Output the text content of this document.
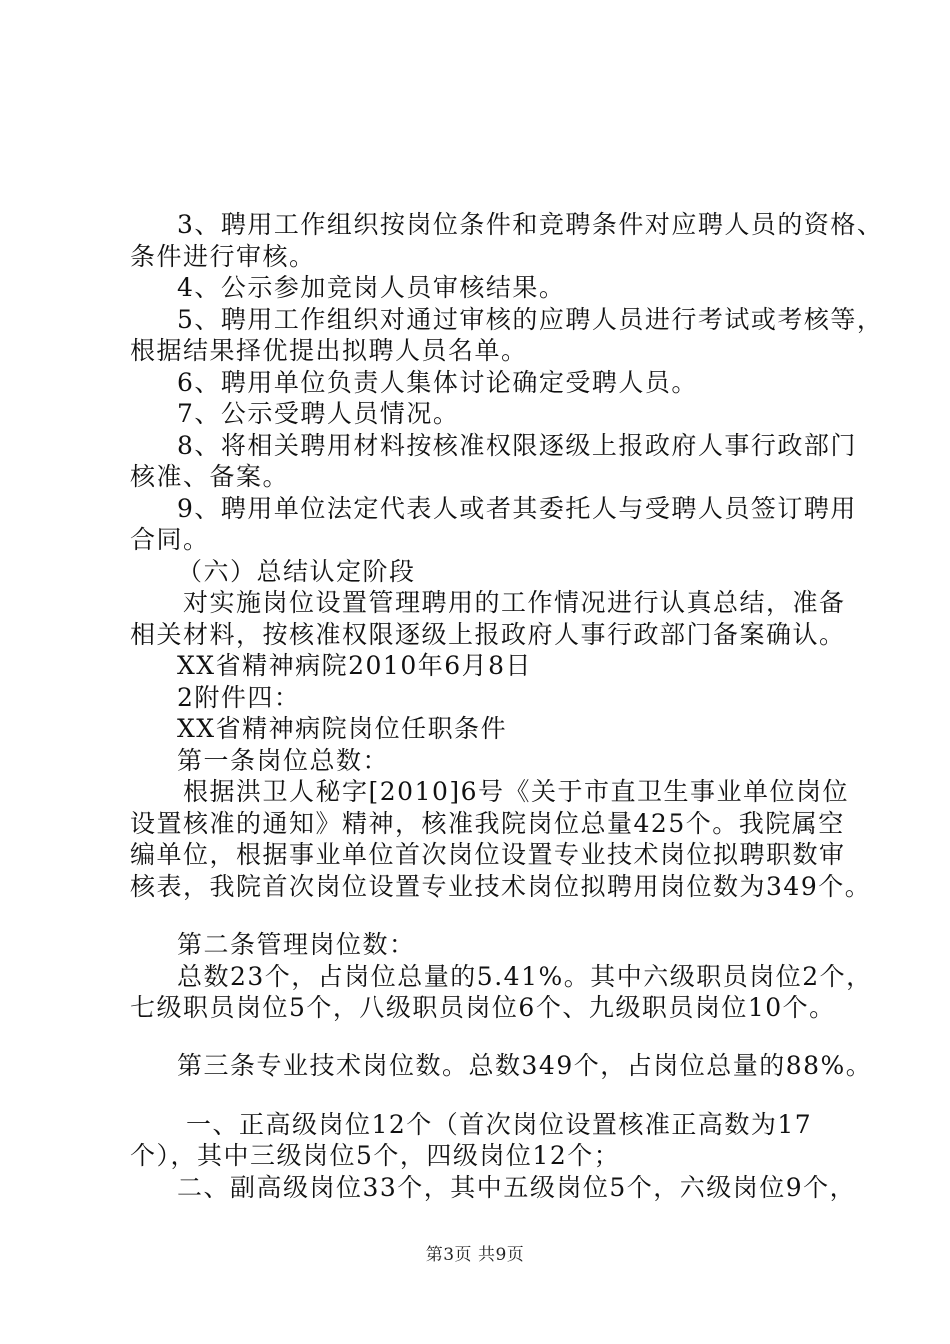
3、聘用工作组织按岗位条件和竞聘条件对应聘人员的资格、
条件进行审核。
4、公示参加竞岗人员审核结果。
5、聘用工作组织对通过审核的应聘人员进行考试或考核等，
根据结果择优提出拟聘人员名单。
6、聘用单位负责人集体讨论确定受聘人员。
7、公示受聘人员情况。
8、将相关聘用材料按核准权限逐级上报政府人事行政部门
核准、备案。
9、聘用单位法定代表人或者其委托人与受聘人员签订聘用
合同。
（六）总结认定阶段
对实施岗位设置管理聘用的工作情况进行认真总结，准备
相关材料，按核准权限逐级上报政府人事行政部门备案确认。
XX省精神病院2010年6月8日
2附件四：
XX省精神病院岗位任职条件
第一条岗位总数：
根据洪卫人秘字[2010]6号《关于市直卫生事业单位岗位
设置核准的通知》精神，核准我院岗位总量425个。我院属空
编单位，根据事业单位首次岗位设置专业技术岗位拟聘职数审
核表，我院首次岗位设置专业技术岗位拟聘用岗位数为349个。
第二条管理岗位数：
总数23个，占岗位总量的5.41%。其中六级职员岗位2个，
七级职员岗位5个，八级职员岗位6个、九级职员岗位10个。
第三条专业技术岗位数。总数349个，占岗位总量的88%。
一、正高级岗位12个（首次岗位设置核准正高数为17
个），其中三级岗位5个，四级岗位12个；
二、副高级岗位33个，其中五级岗位5个，六级岗位9个，
第3页 共9页
